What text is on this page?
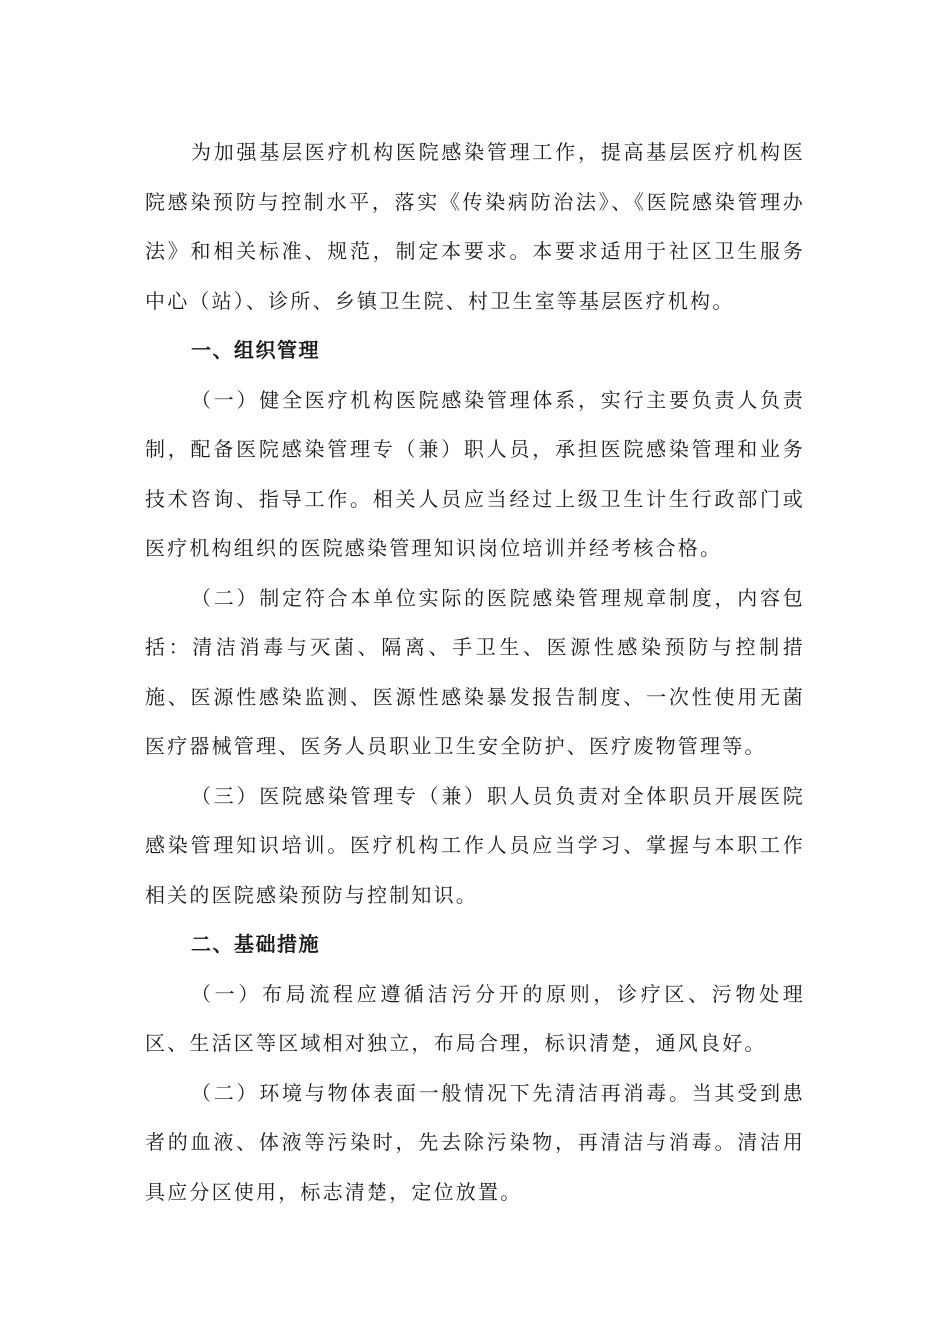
为加强基层医疗机构医院感染管理工作，提高基层医疗机构医院感染预防与控制水平，落实《传染病防治法》、《医院感染管理办法》和相关标准、规范，制定本要求。本要求适用于社区卫生服务中心（站）、诊所、乡镇卫生院、村卫生室等基层医疗机构。

一、组织管理

（一）健全医疗机构医院感染管理体系，实行主要负责人负责制，配备医院感染管理专（兼）职人员，承担医院感染管理和业务技术咨询、指导工作。相关人员应当经过上级卫生计生行政部门或医疗机构组织的医院感染管理知识岗位培训并经考核合格。

（二）制定符合本单位实际的医院感染管理规章制度，内容包括：清洁消毒与灭菌、隔离、手卫生、医源性感染预防与控制措施、医源性感染监测、医源性感染暴发报告制度、一次性使用无菌医疗器械管理、医务人员职业卫生安全防护、医疗废物管理等。

（三）医院感染管理专（兼）职人员负责对全体职员开展医院感染管理知识培训。医疗机构工作人员应当学习、掌握与本职工作相关的医院感染预防与控制知识。

二、基础措施

（一）布局流程应遵循洁污分开的原则，诊疗区、污物处理区、生活区等区域相对独立，布局合理，标识清楚，通风良好。

（二）环境与物体表面一般情况下先清洁再消毒。当其受到患者的血液、体液等污染时，先去除污染物，再清洁与消毒。清洁用具应分区使用，标志清楚，定位放置。
